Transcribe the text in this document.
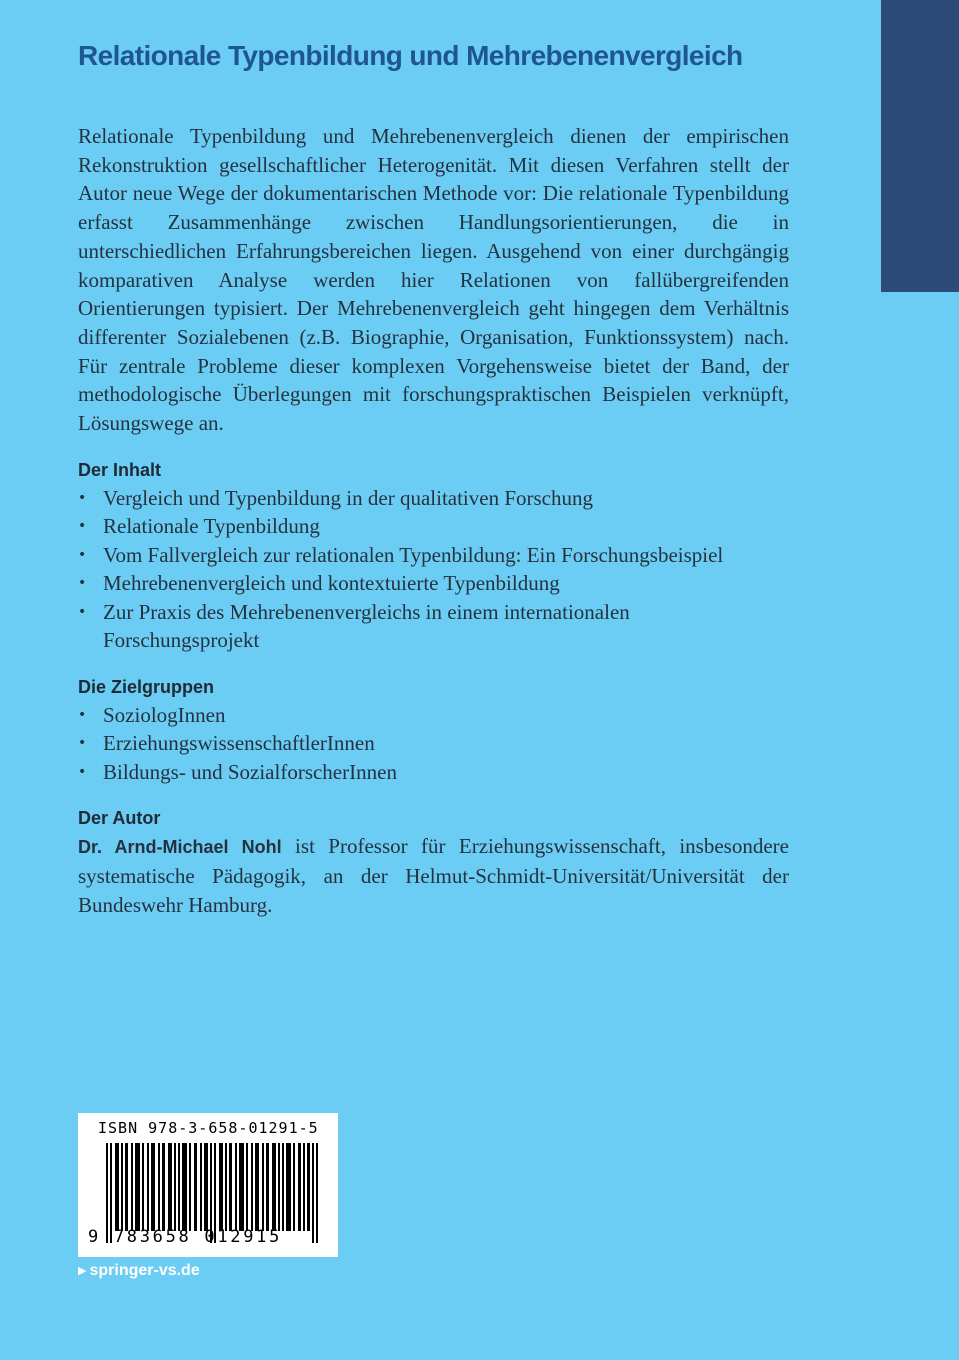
Relationale Typenbildung und Mehrebenenvergleich

Relationale Typenbildung und Mehrebenenvergleich dienen der empirischen Rekonstruktion gesellschaftlicher Heterogenität. Mit diesen Verfahren stellt der Autor neue Wege der dokumentarischen Methode vor: Die relationale Typenbildung erfasst Zusammenhänge zwischen Handlungsorientierungen, die in unterschiedlichen Erfahrungsbereichen liegen. Ausgehend von einer durchgängig komparativen Analyse werden hier Relationen von fallübergreifenden Orientierungen typisiert. Der Mehrebenenvergleich geht hingegen dem Verhältnis differenter Sozialebenen (z.B. Biographie, Organisation, Funktionssystem) nach. Für zentrale Probleme dieser komplexen Vorgehensweise bietet der Band, der methodologische Überlegungen mit forschungspraktischen Beispielen verknüpft, Lösungswege an.

Der Inhalt
• Vergleich und Typenbildung in der qualitativen Forschung
• Relationale Typenbildung
• Vom Fallvergleich zur relationalen Typenbildung: Ein Forschungsbeispiel
• Mehrebenenvergleich und kontextuierte Typenbildung
• Zur Praxis des Mehrebenenvergleichs in einem internationalen Forschungsprojekt
Die Zielgruppen
• SoziologInnen
• ErziehungswissenschaftlerInnen
• Bildungs- und SozialforscherInnen
Der Autor

Dr. Arnd-Michael Nohl ist Professor für Erziehungswissenschaft, insbesondere systematische Pädagogik, an der Helmut-Schmidt-Universität/Universität der Bundeswehr Hamburg.

ISBN 978-3-658-01291-5
9 783658 012915
▶ springer-vs.de
